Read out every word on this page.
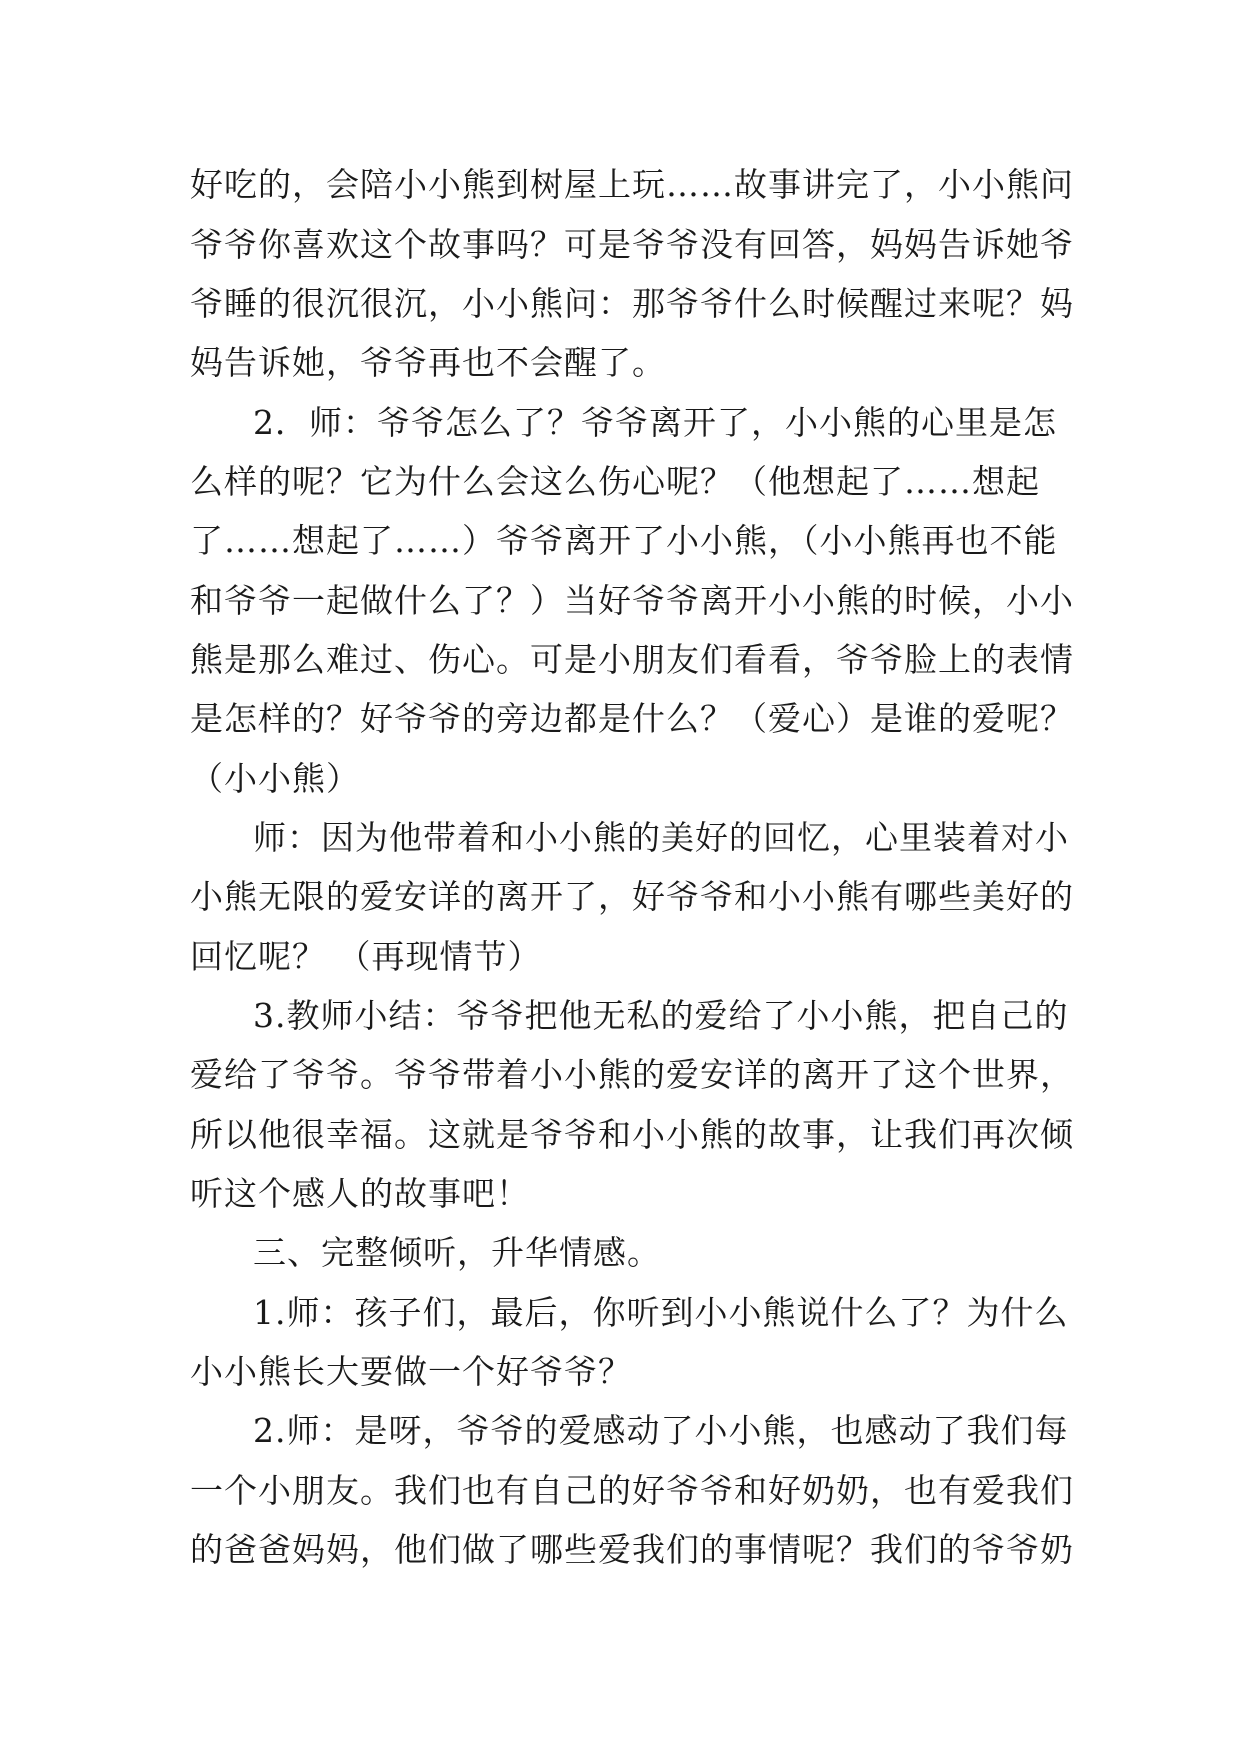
好吃的，会陪小小熊到树屋上玩……故事讲完了，小小熊问
爷爷你喜欢这个故事吗？可是爷爷没有回答，妈妈告诉她爷
爷睡的很沉很沉，小小熊问：那爷爷什么时候醒过来呢？妈
妈告诉她，爷爷再也不会醒了。
2．师：爷爷怎么了？爷爷离开了，小小熊的心里是怎
么样的呢？它为什么会这么伤心呢？（他想起了……想起
了……想起了……）爷爷离开了小小熊，（小小熊再也不能
和爷爷一起做什么了？）当好爷爷离开小小熊的时候，小小
熊是那么难过、伤心。可是小朋友们看看，爷爷脸上的表情
是怎样的？好爷爷的旁边都是什么？（爱心）是谁的爱呢？
（小小熊）
师：因为他带着和小小熊的美好的回忆，心里装着对小
小熊无限的爱安详的离开了，好爷爷和小小熊有哪些美好的
回忆呢？ （再现情节）
3.教师小结：爷爷把他无私的爱给了小小熊，把自己的
爱给了爷爷。爷爷带着小小熊的爱安详的离开了这个世界，
所以他很幸福。这就是爷爷和小小熊的故事，让我们再次倾
听这个感人的故事吧！
三、完整倾听，升华情感。
1.师：孩子们，最后，你听到小小熊说什么了？为什么
小小熊长大要做一个好爷爷？
2.师：是呀，爷爷的爱感动了小小熊，也感动了我们每
一个小朋友。我们也有自己的好爷爷和好奶奶，也有爱我们
的爸爸妈妈，他们做了哪些爱我们的事情呢？我们的爷爷奶
